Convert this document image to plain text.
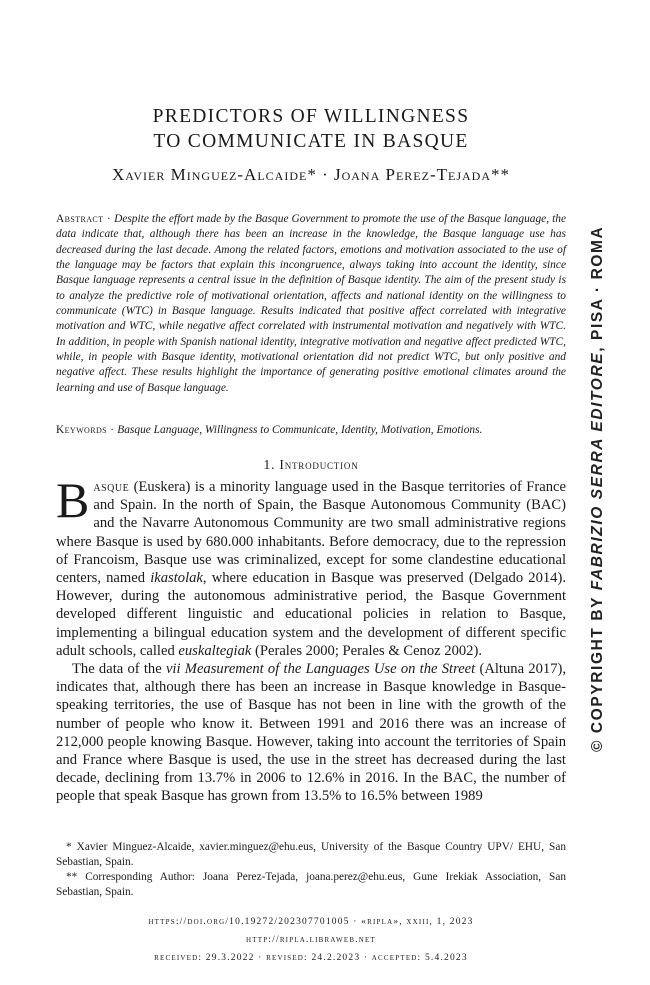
PREDICTORS OF WILLINGNESS
TO COMMUNICATE IN BASQUE
Xavier Minguez-Alcaide* · Joana Perez-Tejada**
Abstract · Despite the effort made by the Basque Government to promote the use of the Basque language, the data indicate that, although there has been an increase in the knowledge, the Basque language use has decreased during the last decade. Among the related factors, emotions and motivation associated to the use of the language may be factors that explain this incongruence, always taking into account the identity, since Basque language represents a central issue in the definition of Basque identity. The aim of the present study is to analyze the predictive role of motivational orientation, affects and national identity on the willingness to communicate (WTC) in Basque language. Results indicated that positive affect correlated with integrative motivation and WTC, while negative affect correlated with instrumental motivation and negatively with WTC. In addition, in people with Spanish national identity, integrative motivation and negative affect predicted WTC, while, in people with Basque identity, motivational orientation did not predict WTC, but only positive and negative affect. These results highlight the importance of generating positive emotional climates around the learning and use of Basque language.
Keywords · Basque Language, Willingness to Communicate, Identity, Motivation, Emotions.
1. Introduction

Basque (Euskera) is a minority language used in the Basque territories of France and Spain. In the north of Spain, the Basque Autonomous Community (BAC) and the Navarre Autonomous Community are two small administrative regions where Basque is used by 680.000 inhabitants. Before democracy, due to the repression of Francoism, Basque use was criminalized, except for some clandestine educational centers, named ikastolak, where education in Basque was preserved (Delgado 2014). However, during the autonomous administrative period, the Basque Government developed different linguistic and educational policies in relation to Basque, implementing a bilingual education system and the development of different specific adult schools, called euskaltegiak (Perales 2000; Perales & Cenoz 2002).

The data of the vii Measurement of the Languages Use on the Street (Altuna 2017), indicates that, although there has been an increase in Basque knowledge in Basque-speaking territories, the use of Basque has not been in line with the growth of the number of people who know it. Between 1991 and 2016 there was an increase of 212,000 people knowing Basque. However, taking into account the territories of Spain and France where Basque is used, the use in the street has decreased during the last decade, declining from 13.7% in 2006 to 12.6% in 2016. In the BAC, the number of people that speak Basque has grown from 13.5% to 16.5% between 1989

* Xavier Minguez-Alcaide, xavier.minguez@ehu.eus, University of the Basque Country UPV/ EHU, San Sebastian, Spain.

** Corresponding Author: Joana Perez-Tejada, joana.perez@ehu.eus, Gune Irekiak Association, San Sebastian, Spain.

https://doi.org/10.19272/202307701005 · «ripla», xxiii, 1, 2023
http://ripla.libraweb.net
received: 29.3.2022 · revised: 24.2.2023 · accepted: 5.4.2023
© COPYRIGHT BY FABRIZIO SERRA EDITORE, PISA · ROMA
